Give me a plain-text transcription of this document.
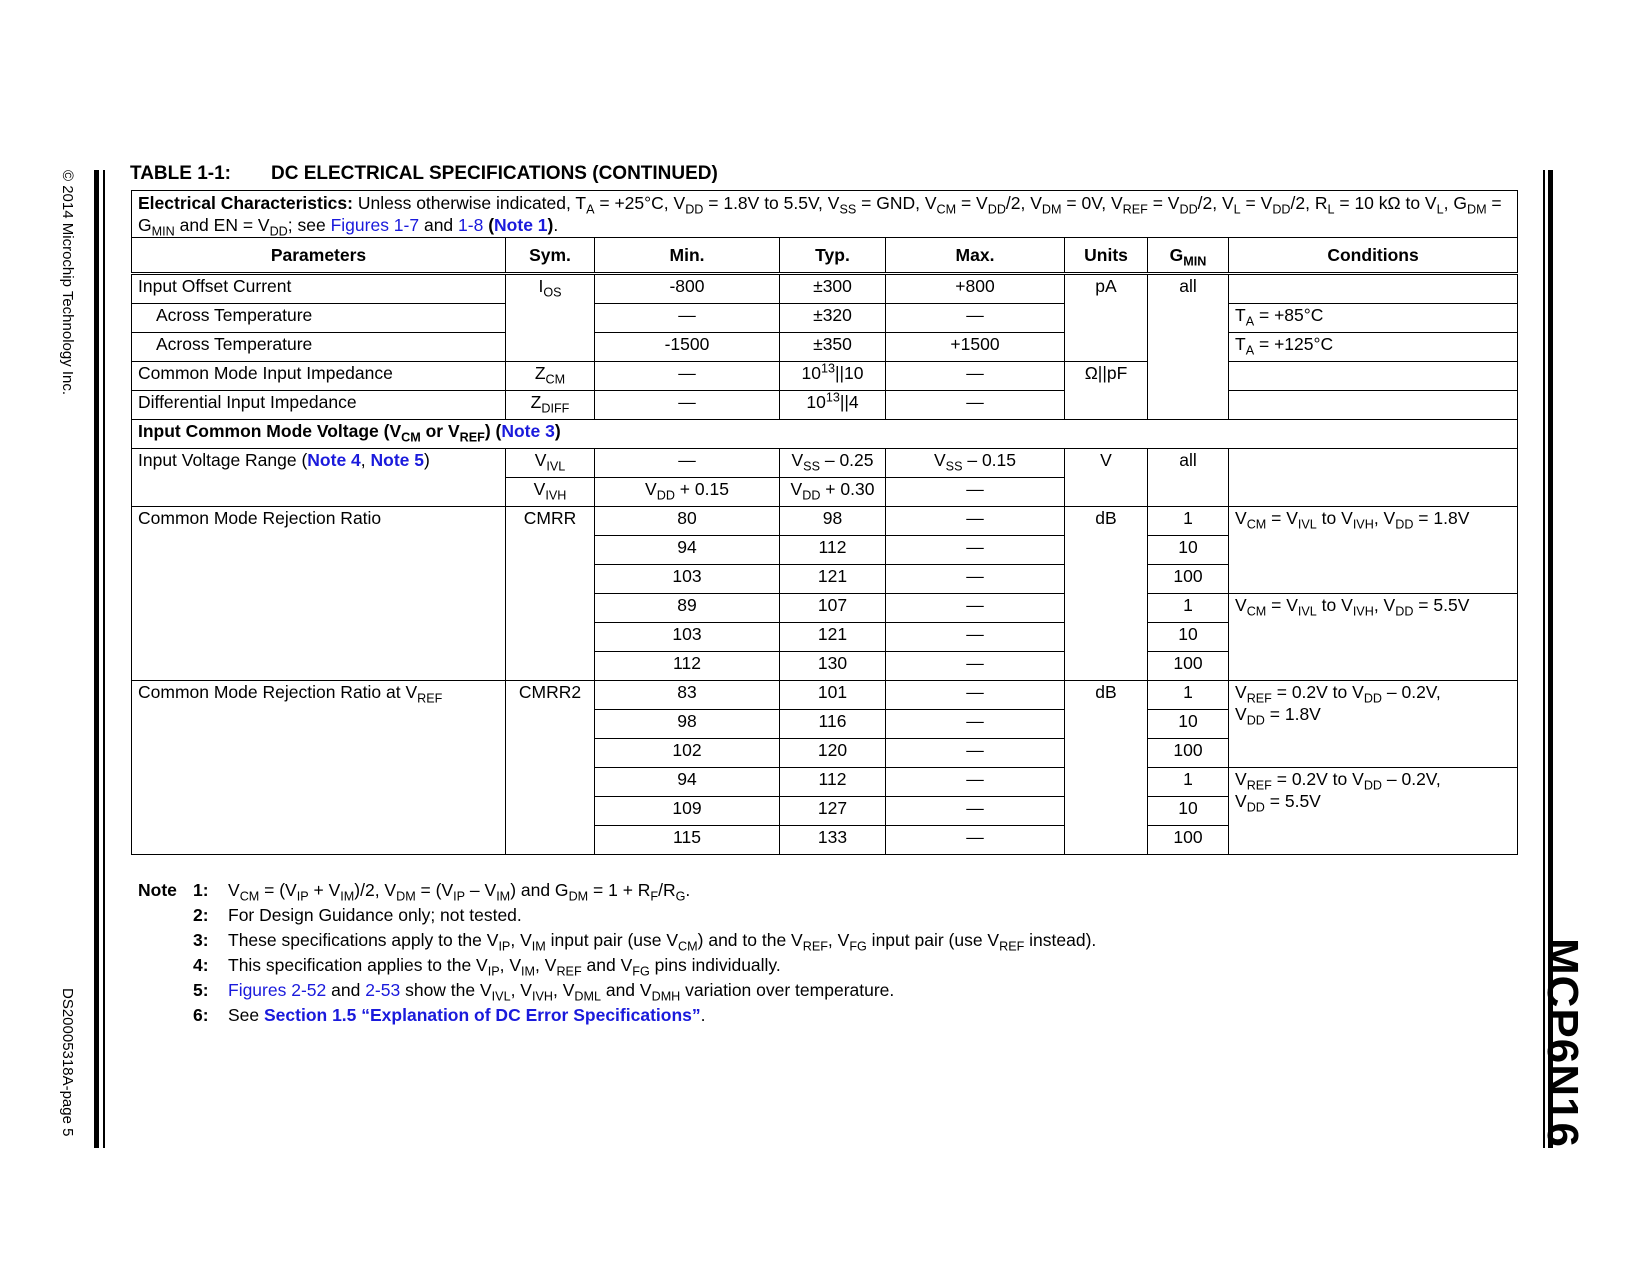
© 2014 Microchip Technology Inc.
DS20005318A-page 5	MCP6N16
TABLE 1-1: DC ELECTRICAL SPECIFICATIONS (CONTINUED)
Electrical Characteristics: Unless otherwise indicated, $T_A = +25^\circ C$, $V_{DD} = 1.8V$ to 5.5V, $V_{SS}$ = GND, $V_{CM} = V_{DD}/2$, $V_{DM} = 0V$, $V_{REF} = V_{DD}/2$, $V_L = V_{DD}/2$, $R_L = 10$ kΩ to $V_L$, $G_{DM} = G_{MIN}$ and EN = $V_{DD}$; see Figures 1-7 and 1-8 (Note 1).							
Parameters	Sym.	Min.	Typ.	Max.	Units	$G_{MIN}$	Conditions
Input Offset Current	$I_{OS}$	-800	±300	+800	pA	all	
Across Temperature		—	±320	—			$T_A = +85^\circ C$
Across Temperature		-1500	±350	+1500			$T_A = +125^\circ C$
Common Mode Input Impedance	$Z_{CM}$	—	$10^{13}||10$	—	Ω||pF		
Differential Input Impedance	$Z_{DIFF}$	—	$10^{13}||4$	—			
Input Common Mode Voltage ($V_{CM}$ or $V_{REF}$) (Note 3)							
Input Voltage Range (Note 4, Note 5)	$V_{IVL}$	—	$V_{SS} - 0.25$	$V_{SS} - 0.15$	V	all	
	$V_{IVH}$	$V_{DD} + 0.15$	$V_{DD} + 0.30$	—			
Common Mode Rejection Ratio	CMRR	80	98	—	dB	1	$V_{CM} = V_{IVL}$ to $V_{IVH}$, $V_{DD} = 1.8V$
		94	112	—		10	
		103	121	—		100	
		89	107	—		1	$V_{CM} = V_{IVL}$ to $V_{IVH}$, $V_{DD} = 5.5V$
		103	121	—		10	
		112	130	—		100	
Common Mode Rejection Ratio at $V_{REF}$	CMRR2	83	101	—	dB	1	$V_{REF} = 0.2V$ to $V_{DD} - 0.2V$,
$V_{DD} = 1.8V$
		98	116	—		10	
		102	120	—		100	
		94	112	—		1	$V_{REF} = 0.2V$ to $V_{DD} - 0.2V$,
$V_{DD} = 5.5V$
		109	127	—		10	
		115	133	—		100	
Note 1: $V_{CM} = (V_{IP} + V_{IM})/2$, $V_{DM} = (V_{IP} - V_{IM})$ and $G_{DM} = 1 + R_F/R_G$.
2: For Design Guidance only; not tested.
3: These specifications apply to the $V_{IP}$, $V_{IM}$ input pair (use $V_{CM}$) and to the $V_{REF}$, $V_{FG}$ input pair (use $V_{REF}$ instead).
4: This specification applies to the $V_{IP}$, $V_{IM}$, $V_{REF}$ and $V_{FG}$ pins individually.
5: Figures 2-52 and 2-53 show the $V_{IVL}$, $V_{IVH}$, $V_{DML}$ and $V_{DMH}$ variation over temperature.
6: See Section 1.5 “Explanation of DC Error Specifications”.
